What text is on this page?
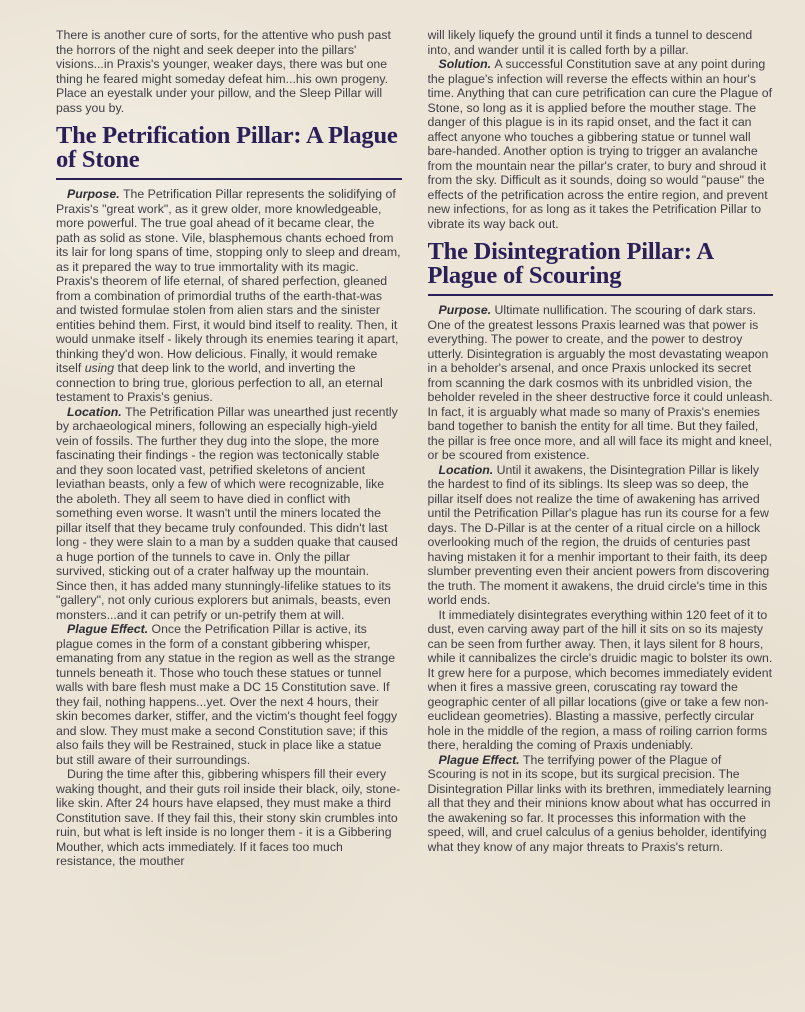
There is another cure of sorts, for the attentive who push past the horrors of the night and seek deeper into the pillars' visions...in Praxis's younger, weaker days, there was but one thing he feared might someday defeat him...his own progeny. Place an eyestalk under your pillow, and the Sleep Pillar will pass you by.

The Petrification Pillar: A Plague of Stone

Purpose. The Petrification Pillar represents the solidifying of Praxis's "great work", as it grew older, more knowledgeable, more powerful. The true goal ahead of it became clear, the path as solid as stone. Vile, blasphemous chants echoed from its lair for long spans of time, stopping only to sleep and dream, as it prepared the way to true immortality with its magic. Praxis's theorem of life eternal, of shared perfection, gleaned from a combination of primordial truths of the earth-that-was and twisted formulae stolen from alien stars and the sinister entities behind them. First, it would bind itself to reality. Then, it would unmake itself - likely through its enemies tearing it apart, thinking they'd won. How delicious. Finally, it would remake itself using that deep link to the world, and inverting the connection to bring true, glorious perfection to all, an eternal testament to Praxis's genius.

Location. The Petrification Pillar was unearthed just recently by archaeological miners, following an especially high-yield vein of fossils. The further they dug into the slope, the more fascinating their findings - the region was tectonically stable and they soon located vast, petrified skeletons of ancient leviathan beasts, only a few of which were recognizable, like the aboleth. They all seem to have died in conflict with something even worse. It wasn't until the miners located the pillar itself that they became truly confounded. This didn't last long - they were slain to a man by a sudden quake that caused a huge portion of the tunnels to cave in. Only the pillar survived, sticking out of a crater halfway up the mountain. Since then, it has added many stunningly-lifelike statues to its "gallery", not only curious explorers but animals, beasts, even monsters...and it can petrify or un-petrify them at will.

Plague Effect. Once the Petrification Pillar is active, its plague comes in the form of a constant gibbering whisper, emanating from any statue in the region as well as the strange tunnels beneath it. Those who touch these statues or tunnel walls with bare flesh must make a DC 15 Constitution save. If they fail, nothing happens...yet. Over the next 4 hours, their skin becomes darker, stiffer, and the victim's thought feel foggy and slow. They must make a second Constitution save; if this also fails they will be Restrained, stuck in place like a statue but still aware of their surroundings.

During the time after this, gibbering whispers fill their every waking thought, and their guts roil inside their black, oily, stone-like skin. After 24 hours have elapsed, they must make a third Constitution save. If they fail this, their stony skin crumbles into ruin, but what is left inside is no longer them - it is a Gibbering Mouther, which acts immediately. If it faces too much resistance, the mouther

will likely liquefy the ground until it finds a tunnel to descend into, and wander until it is called forth by a pillar.

Solution. A successful Constitution save at any point during the plague's infection will reverse the effects within an hour's time. Anything that can cure petrification can cure the Plague of Stone, so long as it is applied before the mouther stage. The danger of this plague is in its rapid onset, and the fact it can affect anyone who touches a gibbering statue or tunnel wall bare-handed. Another option is trying to trigger an avalanche from the mountain near the pillar's crater, to bury and shroud it from the sky. Difficult as it sounds, doing so would "pause" the effects of the petrification across the entire region, and prevent new infections, for as long as it takes the Petrification Pillar to vibrate its way back out.

The Disintegration Pillar: A Plague of Scouring

Purpose. Ultimate nullification. The scouring of dark stars. One of the greatest lessons Praxis learned was that power is everything. The power to create, and the power to destroy utterly. Disintegration is arguably the most devastating weapon in a beholder's arsenal, and once Praxis unlocked its secret from scanning the dark cosmos with its unbridled vision, the beholder reveled in the sheer destructive force it could unleash. In fact, it is arguably what made so many of Praxis's enemies band together to banish the entity for all time. But they failed, the pillar is free once more, and all will face its might and kneel, or be scoured from existence.

Location. Until it awakens, the Disintegration Pillar is likely the hardest to find of its siblings. Its sleep was so deep, the pillar itself does not realize the time of awakening has arrived until the Petrification Pillar's plague has run its course for a few days. The D-Pillar is at the center of a ritual circle on a hillock overlooking much of the region, the druids of centuries past having mistaken it for a menhir important to their faith, its deep slumber preventing even their ancient powers from discovering the truth. The moment it awakens, the druid circle's time in this world ends.

It immediately disintegrates everything within 120 feet of it to dust, even carving away part of the hill it sits on so its majesty can be seen from further away. Then, it lays silent for 8 hours, while it cannibalizes the circle's druidic magic to bolster its own. It grew here for a purpose, which becomes immediately evident when it fires a massive green, coruscating ray toward the geographic center of all pillar locations (give or take a few non-euclidean geometries). Blasting a massive, perfectly circular hole in the middle of the region, a mass of roiling carrion forms there, heralding the coming of Praxis undeniably.

Plague Effect. The terrifying power of the Plague of Scouring is not in its scope, but its surgical precision. The Disintegration Pillar links with its brethren, immediately learning all that they and their minions know about what has occurred in the awakening so far. It processes this information with the speed, will, and cruel calculus of a genius beholder, identifying what they know of any major threats to Praxis's return.
